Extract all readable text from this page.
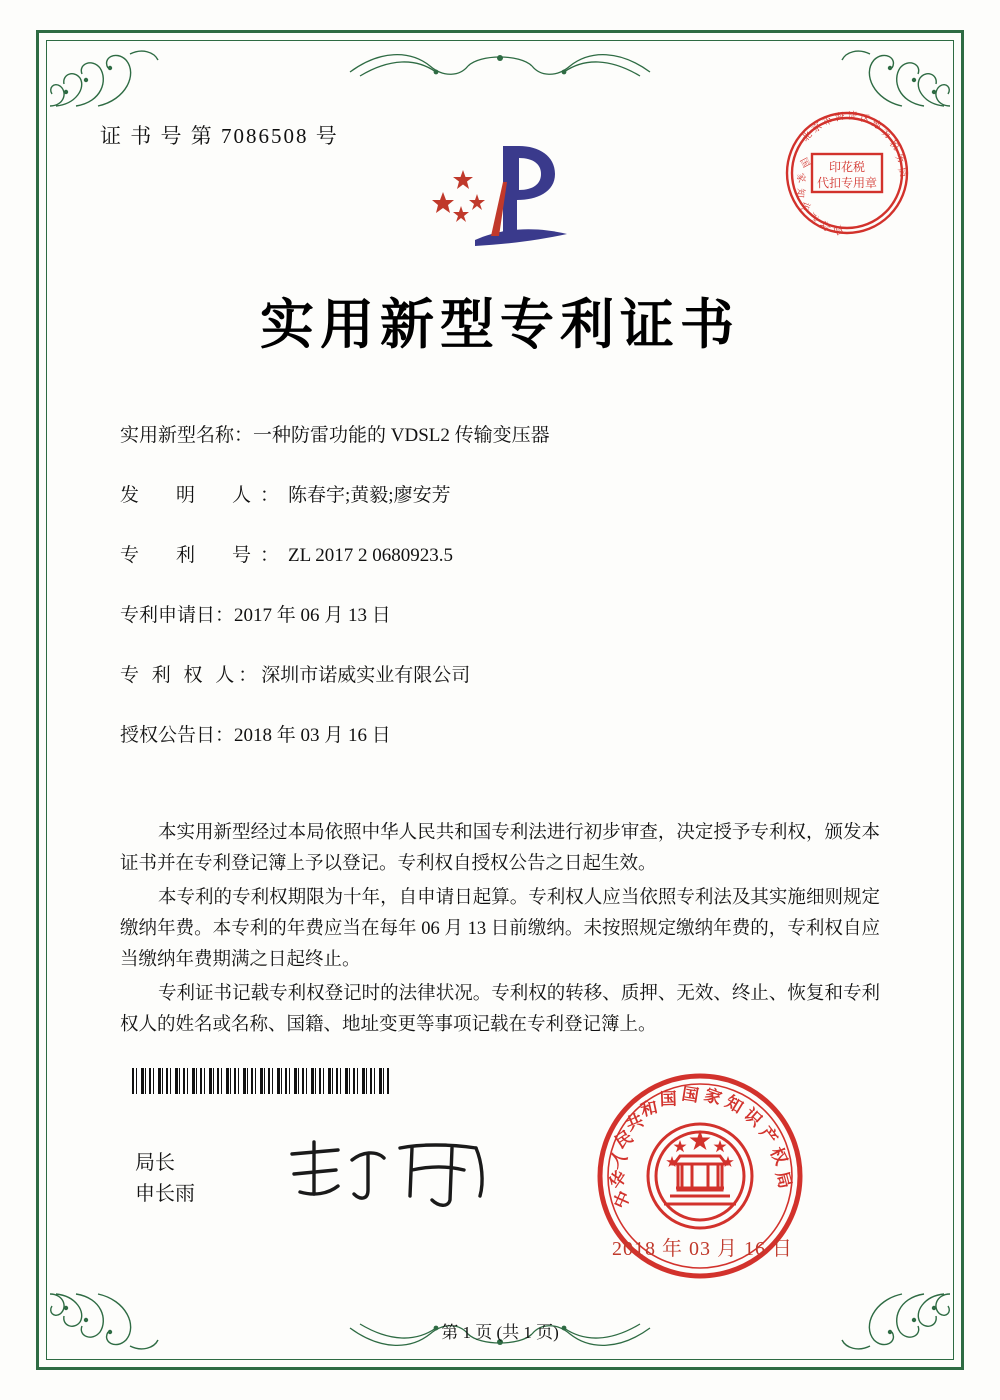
证 书 号 第 7086508 号
实用新型专利证书
实用新型名称：一种防雷功能的 VDSL2 传输变压器
发　明　人：陈春宇;黄毅;廖安芳
专　利　号：ZL 2017 2 0680923.5
专利申请日：2017 年 06 月 13 日
专 利 权 人：深圳市诺威实业有限公司
授权公告日：2018 年 03 月 16 日

本实用新型经过本局依照中华人民共和国专利法进行初步审查，决定授予专利权，颁发本证书并在专利登记簿上予以登记。专利权自授权公告之日起生效。

本专利的专利权期限为十年，自申请日起算。专利权人应当依照专利法及其实施细则规定缴纳年费。本专利的年费应当在每年 06 月 13 日前缴纳。未按照规定缴纳年费的，专利权自应当缴纳年费期满之日起终止。

专利证书记载专利权登记时的法律状况。专利权的转移、质押、无效、终止、恢复和专利权人的姓名或名称、国籍、地址变更等事项记载在专利登记簿上。

局长
申长雨
印花税
代扣专用章
北
京
市 海 淀 区 地
方
税
务
局
国
家
知
识
产
权 局
中
华
人
民
共
和 国 国 家
知
识
产
权
局
2018 年 03 月 16 日
第 1 页 (共 1 页)
